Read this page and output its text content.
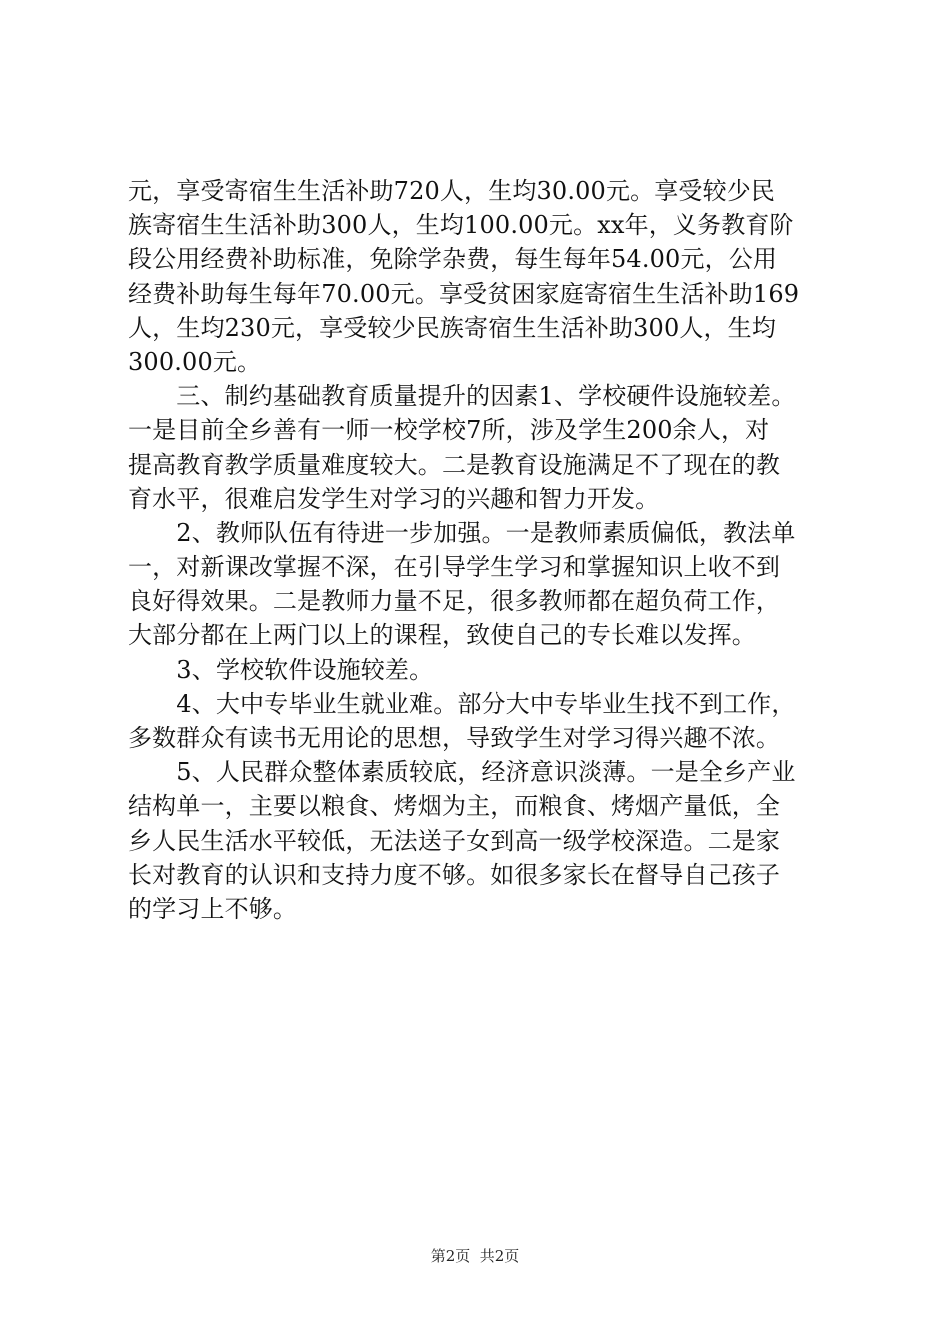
元，享受寄宿生生活补助720人，生均30.00元。享受较少民
族寄宿生生活补助300人，生均100.00元。xx年，义务教育阶
段公用经费补助标准，免除学杂费，每生每年54.00元，公用
经费补助每生每年70.00元。享受贫困家庭寄宿生生活补助169
人，生均230元，享受较少民族寄宿生生活补助300人，生均
300.00元。
　　三、制约基础教育质量提升的因素1、学校硬件设施较差。
一是目前全乡善有一师一校学校7所，涉及学生200余人，对
提高教育教学质量难度较大。二是教育设施满足不了现在的教
育水平，很难启发学生对学习的兴趣和智力开发。
　　2、教师队伍有待进一步加强。一是教师素质偏低，教法单
一，对新课改掌握不深，在引导学生学习和掌握知识上收不到
良好得效果。二是教师力量不足，很多教师都在超负荷工作，
大部分都在上两门以上的课程，致使自己的专长难以发挥。
　　3、学校软件设施较差。
　　4、大中专毕业生就业难。部分大中专毕业生找不到工作，
多数群众有读书无用论的思想，导致学生对学习得兴趣不浓。
　　5、人民群众整体素质较底，经济意识淡薄。一是全乡产业
结构单一，主要以粮食、烤烟为主，而粮食、烤烟产量低，全
乡人民生活水平较低，无法送子女到高一级学校深造。二是家
长对教育的认识和支持力度不够。如很多家长在督导自己孩子
的学习上不够。
第2页  共2页
